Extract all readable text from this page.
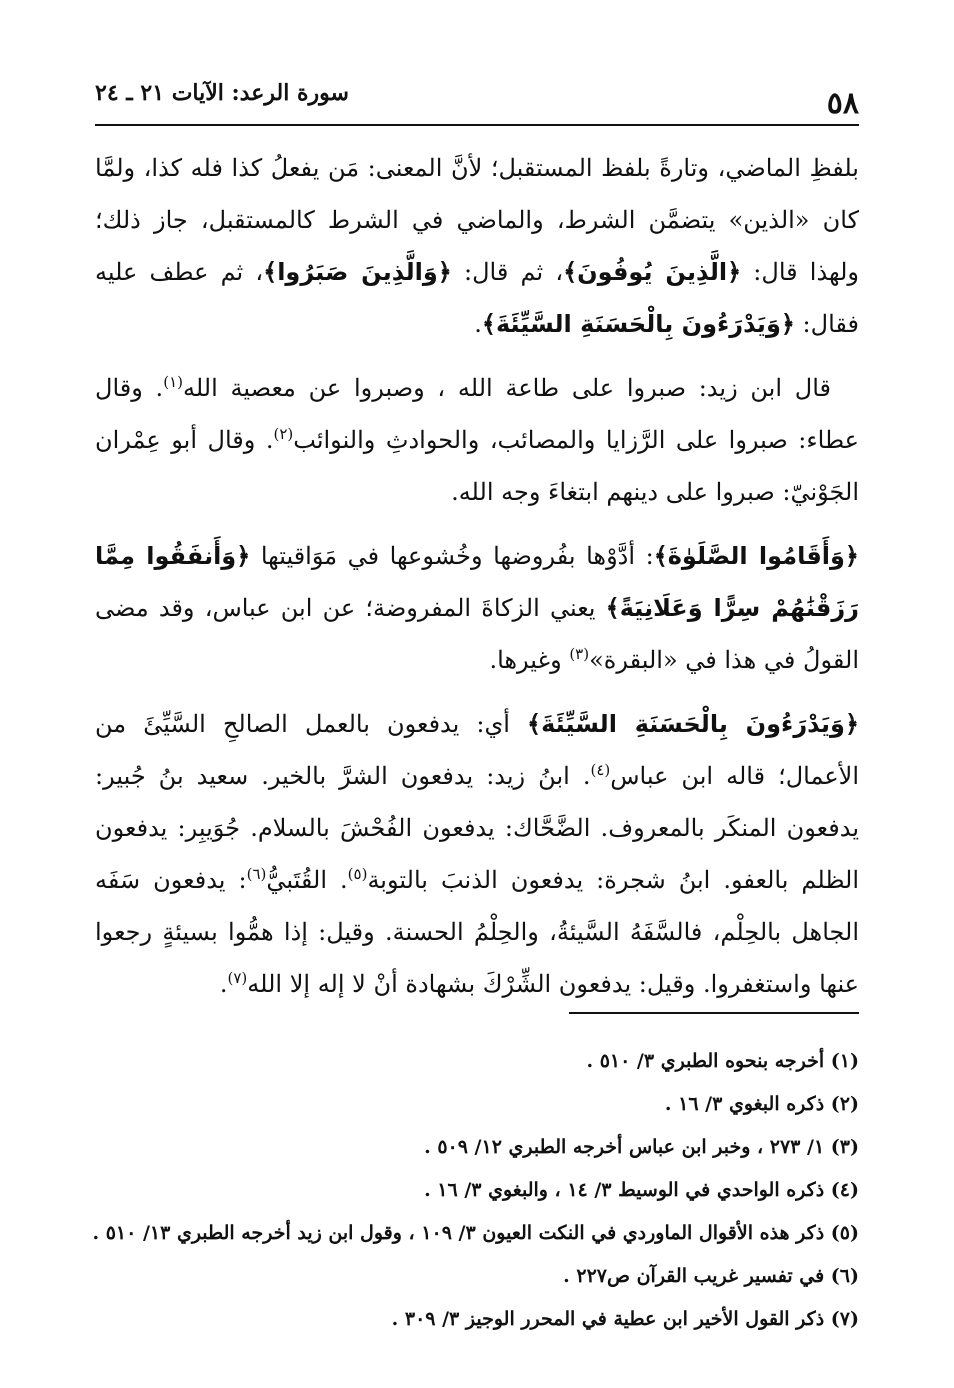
٥٨
سورة الرعد: الآيات ٢١ ـ ٢٤

بلفظِ الماضي، وتارةً بلفظ المستقبل؛ لأنَّ المعنى: مَن يفعلُ كذا فله كذا، ولمَّا كان «الذين» يتضمَّن الشرط، والماضي في الشرط كالمستقبل، جاز ذلك؛ ولهذا قال: ﴿الَّذِينَ يُوفُونَ﴾، ثم قال: ﴿وَالَّذِينَ صَبَرُوا﴾، ثم عطف عليه فقال: ﴿وَيَدْرَءُونَ بِالْحَسَنَةِ السَّيِّئَةَ﴾.

قال ابن زيد: صبروا على طاعة الله ، وصبروا عن معصية الله$^{(١)}$. وقال عطاء: صبروا على الرَّزايا والمصائب، والحوادثِ والنوائب$^{(٢)}$. وقال أبو عِمْران الجَوْنيّ: صبروا على دينهم ابتغاءَ وجه الله.

﴿وَأَقَامُوا الصَّلَوٰةَ﴾: أدَّوْها بفُروضها وخُشوعها في مَوَاقيتها ﴿وَأَنفَقُوا مِمَّا رَزَقْنَٰهُمْ سِرًّا وَعَلَانِيَةً﴾ يعني الزكاةَ المفروضة؛ عن ابن عباس، وقد مضى القولُ في هذا في «البقرة»$^{(٣)}$ وغيرها.

﴿وَيَدْرَءُونَ بِالْحَسَنَةِ السَّيِّئَةَ﴾ أي: يدفعون بالعمل الصالحِ السَّيِّئَ من الأعمال؛ قاله ابن عباس$^{(٤)}$. ابنُ زيد: يدفعون الشرَّ بالخير. سعيد بنُ جُبير: يدفعون المنكَر بالمعروف. الضَّحَّاك: يدفعون الفُحْشَ بالسلام. جُوَيبِر: يدفعون الظلم بالعفو. ابنُ شجرة: يدفعون الذنبَ بالتوبة$^{(٥)}$. القُتَبيُّ$^{(٦)}$: يدفعون سَفَه الجاهل بالحِلْم، فالسَّفَهُ السَّيئةُ، والحِلْمُ الحسنة. وقيل: إذا همُّوا بسيئةٍ رجعوا عنها واستغفروا. وقيل: يدفعون الشِّرْكَ بشهادة أنْ لا إله إلا الله$^{(٧)}$.

(١) أخرجه بنحوه الطبري ٣/ ٥١٠ .

(٢) ذكره البغوي ٣/ ١٦ .

(٣) ١/ ٢٧٣ ، وخبر ابن عباس أخرجه الطبري ١٢/ ٥٠٩ .

(٤) ذكره الواحدي في الوسيط ٣/ ١٤ ، والبغوي ٣/ ١٦ .

(٥) ذكر هذه الأقوال الماوردي في النكت العيون ٣/ ١٠٩ ، وقول ابن زيد أخرجه الطبري ١٣/ ٥١٠ .

(٦) في تفسير غريب القرآن ص٢٢٧ .

(٧) ذكر القول الأخير ابن عطية في المحرر الوجيز ٣/ ٣٠٩ .
